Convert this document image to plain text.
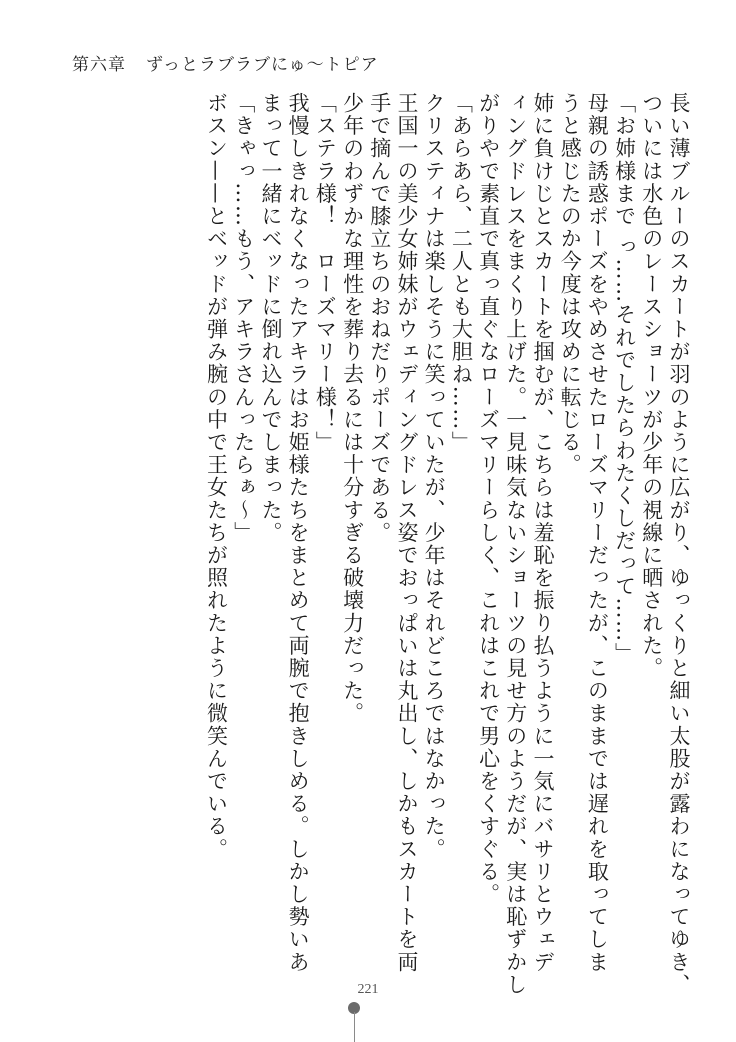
第六章 ずっとラブラブにゅ〜トピア

長い薄ブルーのスカートが羽のように広がり、ゆっくりと細い太股が露わになってゆき、

ついには水色のレースショーツが少年の視線に晒された。

「お姉様まで っ……それでしたらわたくしだって……」

母親の誘惑ポーズをやめさせたローズマリーだったが、このままでは遅れを取ってしま

うと感じたのか今度は攻めに転じる。

姉に負けじとスカートを掴むが、こちらは羞恥を振り払うように一気にバサリとウェデ

ィングドレスをまくり上げた。一見味気ないショーツの見せ方のようだが、実は恥ずかし

がりやで素直で真っ直ぐなローズマリーらしく、これはこれで男心をくすぐる。

「あらあら、二人とも大胆ね……」

クリスティナは楽しそうに笑っていたが、少年はそれどころではなかった。

王国一の美少女姉妹がウェディングドレス姿でおっぱいは丸出し、しかもスカートを両

手で摘んで膝立ちのおねだりポーズである。

少年のわずかな理性を葬り去るには十分すぎる破壊力だった。

「ステラ様！　ローズマリー様！」

我慢しきれなくなったアキラはお姫様たちをまとめて両腕で抱きしめる。しかし勢いあ

まって一緒にベッドに倒れ込んでしまった。

「きゃっ……もう、アキラさんったらぁ〜」

ボスン——とベッドが弾み腕の中で王女たちが照れたように微笑んでいる。

221
